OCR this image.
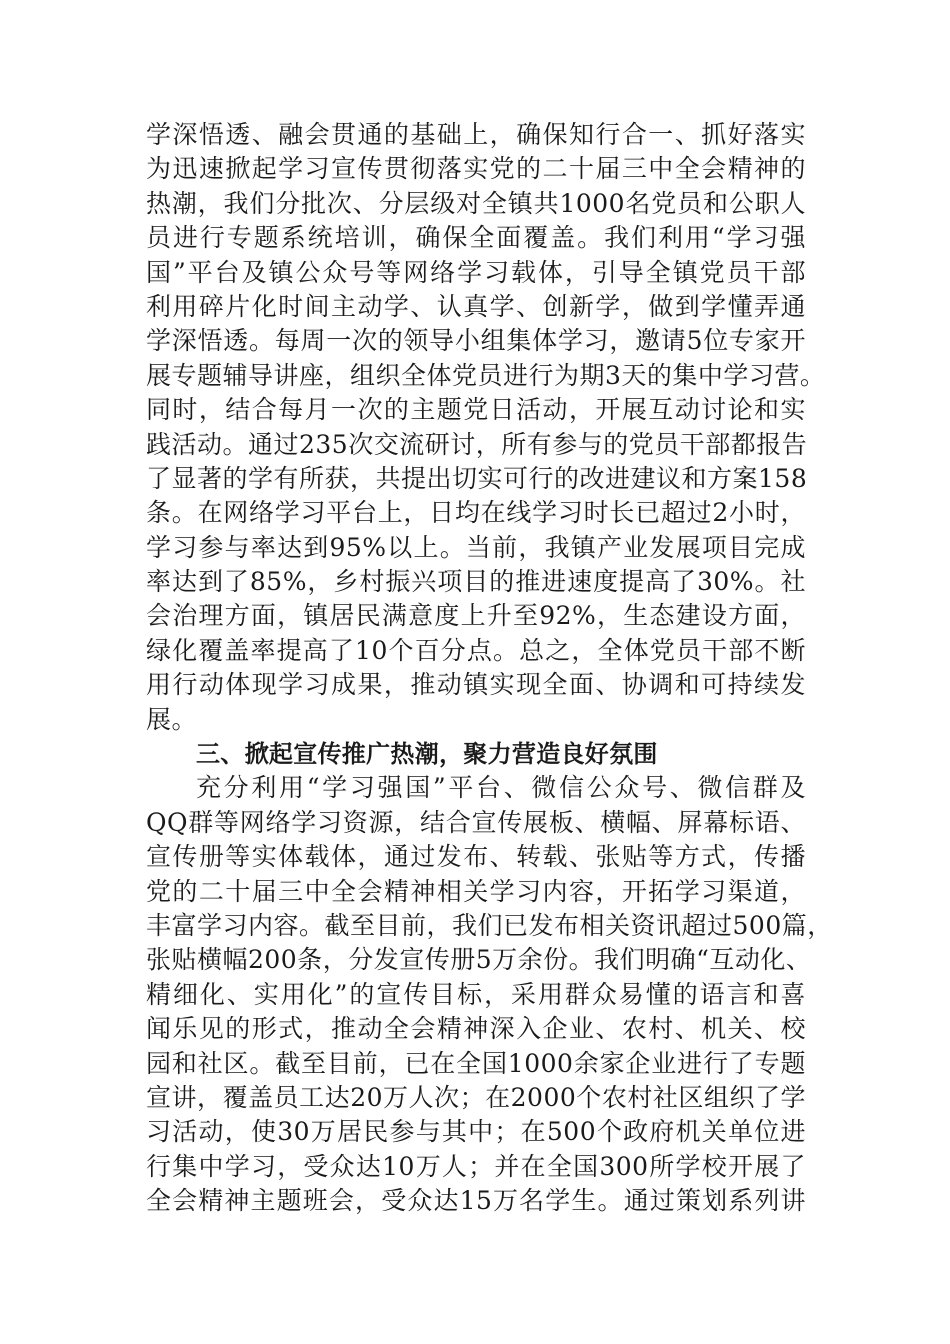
学深悟透、融会贯通的基础上，确保知行合一、抓好落实
为迅速掀起学习宣传贯彻落实党的二十届三中全会精神的
热潮，我们分批次、分层级对全镇共1000名党员和公职人
员进行专题系统培训，确保全面覆盖。我们利用“学习强
国”平台及镇公众号等网络学习载体，引导全镇党员干部
利用碎片化时间主动学、认真学、创新学，做到学懂弄通
学深悟透。每周一次的领导小组集体学习，邀请5位专家开
展专题辅导讲座，组织全体党员进行为期3天的集中学习营。
同时，结合每月一次的主题党日活动，开展互动讨论和实
践活动。通过235次交流研讨，所有参与的党员干部都报告
了显著的学有所获，共提出切实可行的改进建议和方案158
条。在网络学习平台上，日均在线学习时长已超过2小时，
学习参与率达到95%以上。当前，我镇产业发展项目完成
率达到了85%，乡村振兴项目的推进速度提高了30%。社
会治理方面，镇居民满意度上升至92%，生态建设方面，
绿化覆盖率提高了10个百分点。总之，全体党员干部不断
用行动体现学习成果，推动镇实现全面、协调和可持续发
展。
三、掀起宣传推广热潮，聚力营造良好氛围
充分利用“学习强国”平台、微信公众号、微信群及
QQ群等网络学习资源，结合宣传展板、横幅、屏幕标语、
宣传册等实体载体，通过发布、转载、张贴等方式，传播
党的二十届三中全会精神相关学习内容，开拓学习渠道，
丰富学习内容。截至目前，我们已发布相关资讯超过500篇，
张贴横幅200条，分发宣传册5万余份。我们明确“互动化、
精细化、实用化”的宣传目标，采用群众易懂的语言和喜
闻乐见的形式，推动全会精神深入企业、农村、机关、校
园和社区。截至目前，已在全国1000余家企业进行了专题
宣讲，覆盖员工达20万人次；在2000个农村社区组织了学
习活动，使30万居民参与其中；在500个政府机关单位进
行集中学习，受众达10万人；并在全国300所学校开展了
全会精神主题班会，受众达15万名学生。通过策划系列讲
